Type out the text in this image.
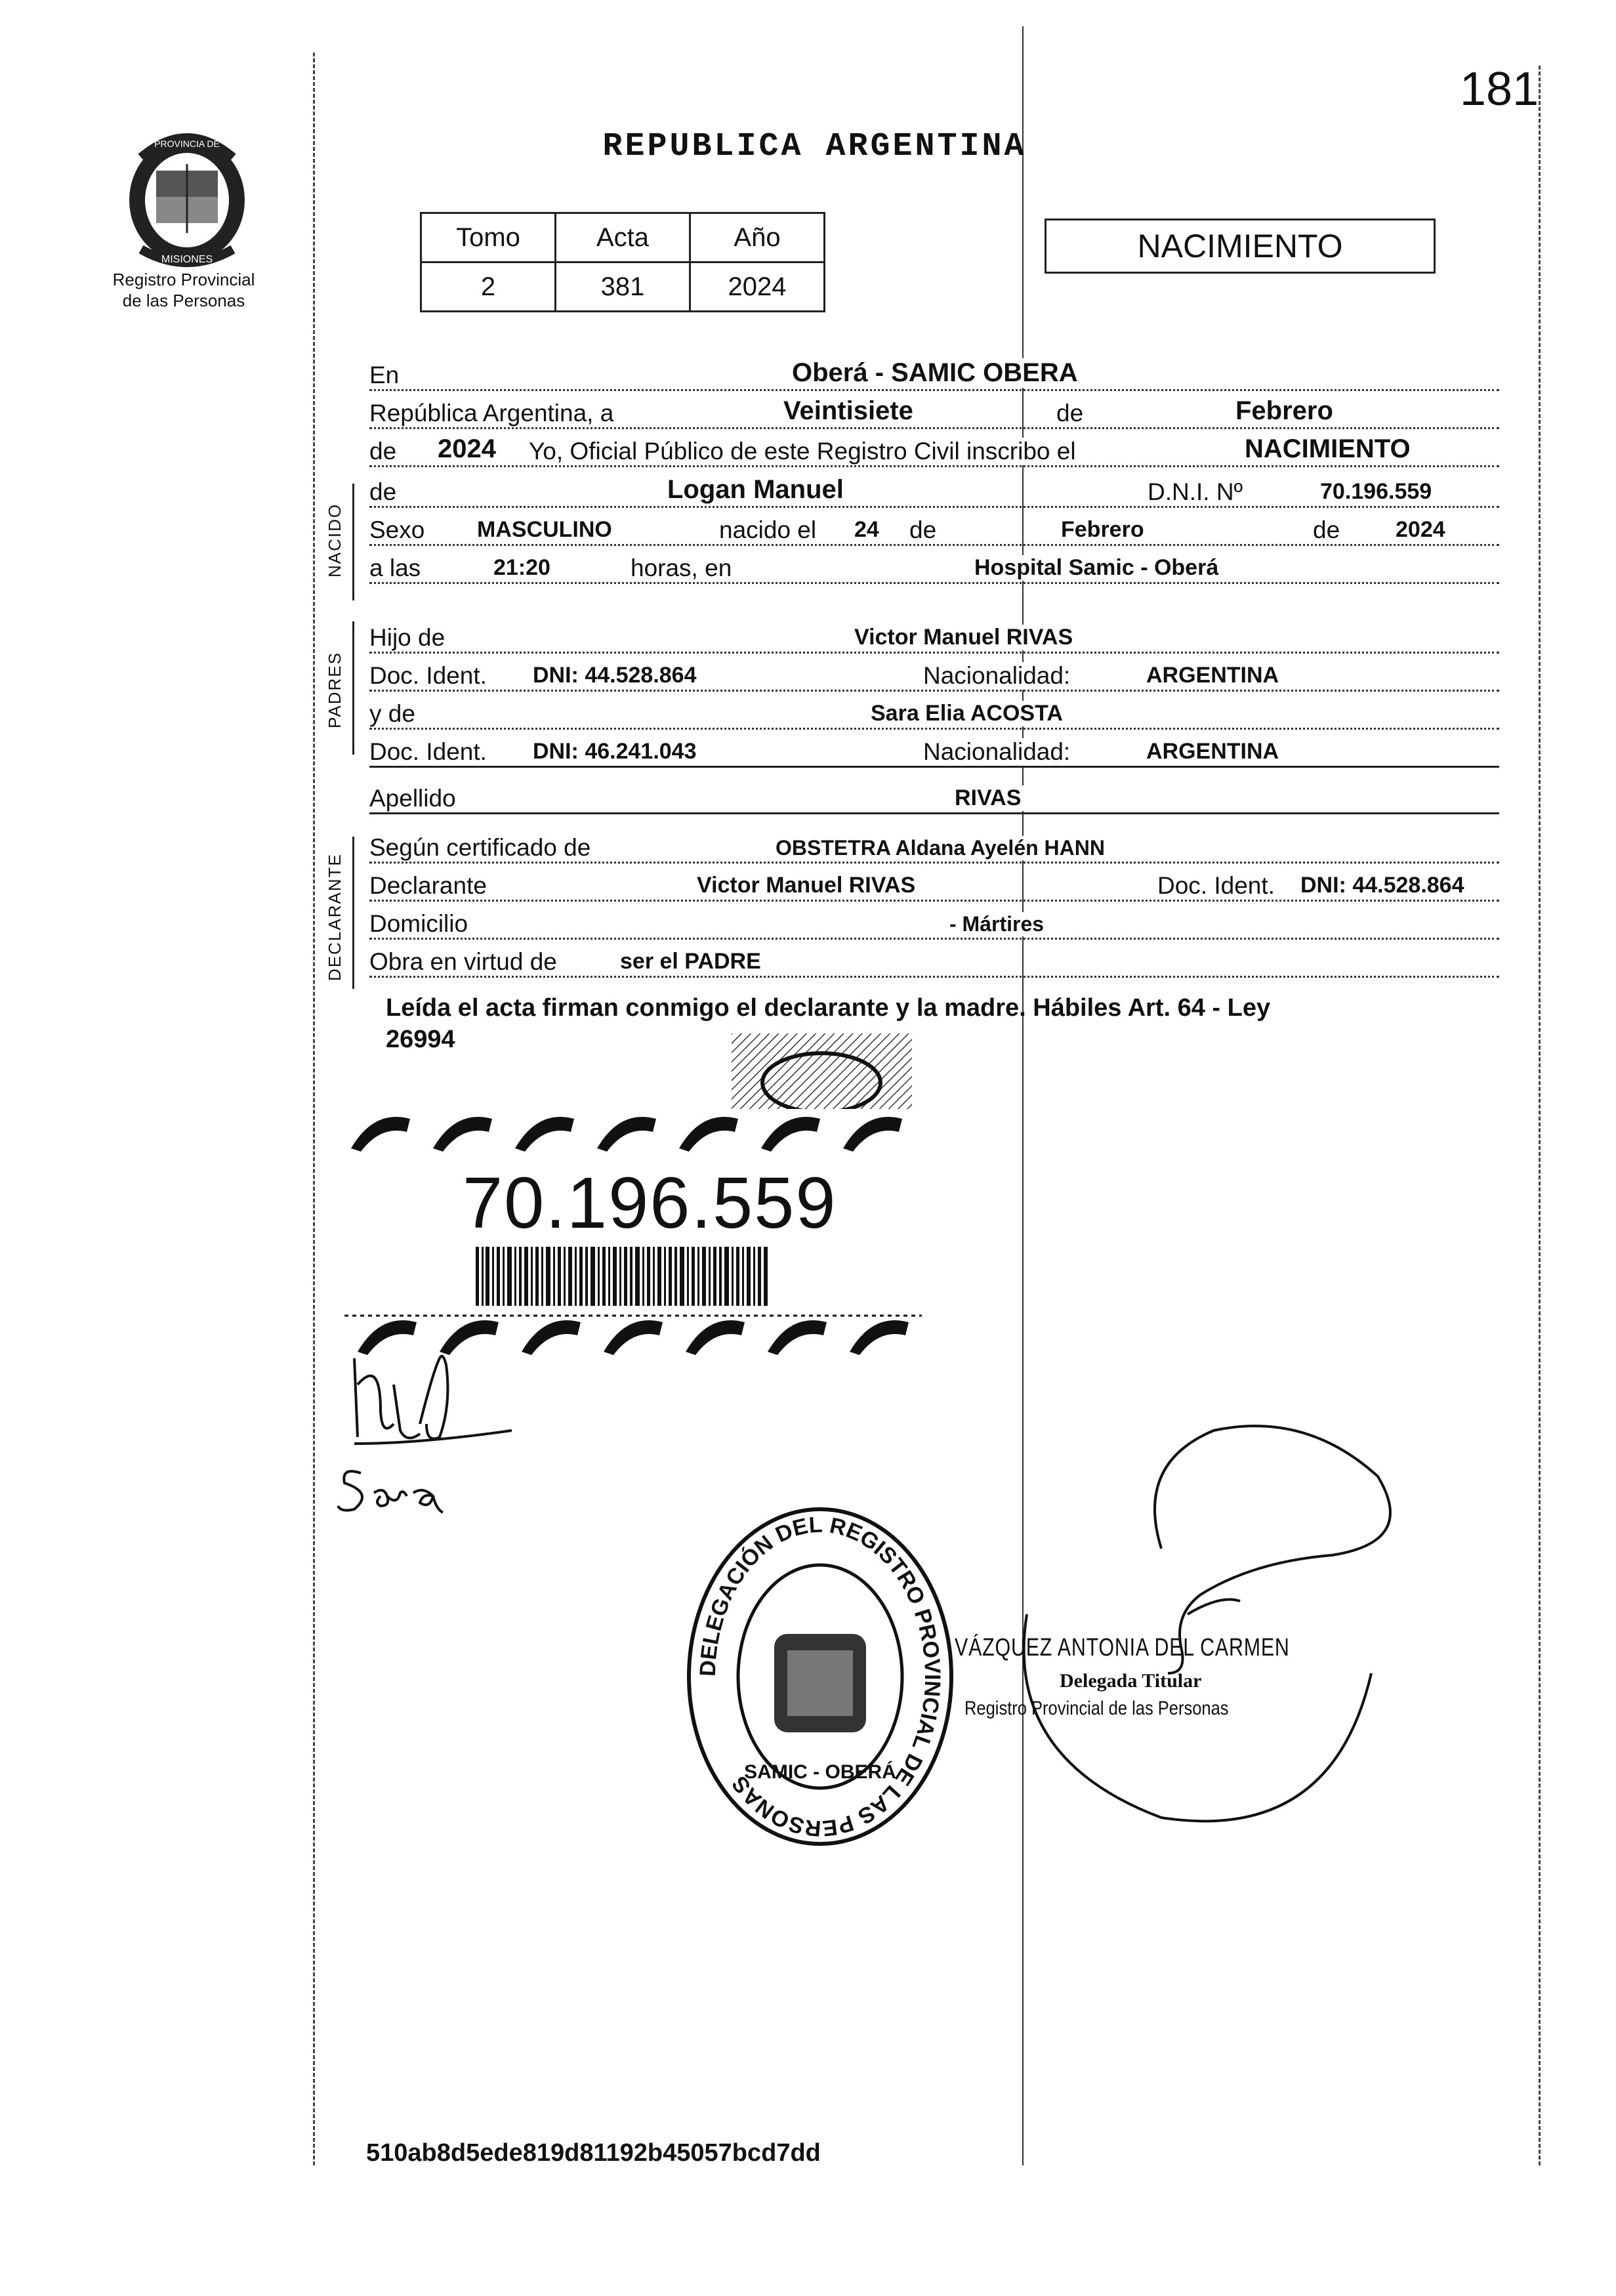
181
PROVINCIA DE
MISIONES
Registro Provincial
de las Personas
REPUBLICA ARGENTINA
Tomo	Acta	Año
2	381	2024
NACIMIENTO
En	Oberá - SAMIC OBERA
República Argentina, a	Veintisiete	de	Febrero
de 2024 Yo, Oficial Público de este Registro Civil inscribo el	NACIMIENTO
NACIDO
de	Logan Manuel	D.N.I. Nº	70.196.559
Sexo MASCULINO	nacido el 24 de	Febrero	de 2024
a las	21:20	horas, en	Hospital Samic - Oberá
PADRES
Hijo de	Victor Manuel RIVAS
Doc. Ident. DNI: 44.528.864	Nacionalidad:	ARGENTINA
y de	Sara Elia ACOSTA
Doc. Ident. DNI: 46.241.043	Nacionalidad:	ARGENTINA
Apellido	RIVAS
DECLARANTE
Según certificado de	OBSTETRA Aldana Ayelén HANN
Declarante	Victor Manuel RIVAS	Doc. Ident. DNI: 44.528.864
Domicilio	- Mártires
Obra en virtud de	ser el PADRE
Leída el acta firman conmigo el declarante y la madre. Hábiles Art. 64 - Ley
26994
70.196.559
DELEGACIÓN DEL REGISTRO PROVINCIAL DE LAS PERSONAS
SAMIC - OBERÁ
VÁZQUEZ ANTONIA DEL CARMEN
Delegada Titular
Registro Provincial de las Personas
510ab8d5ede819d81192b45057bcd7dd
